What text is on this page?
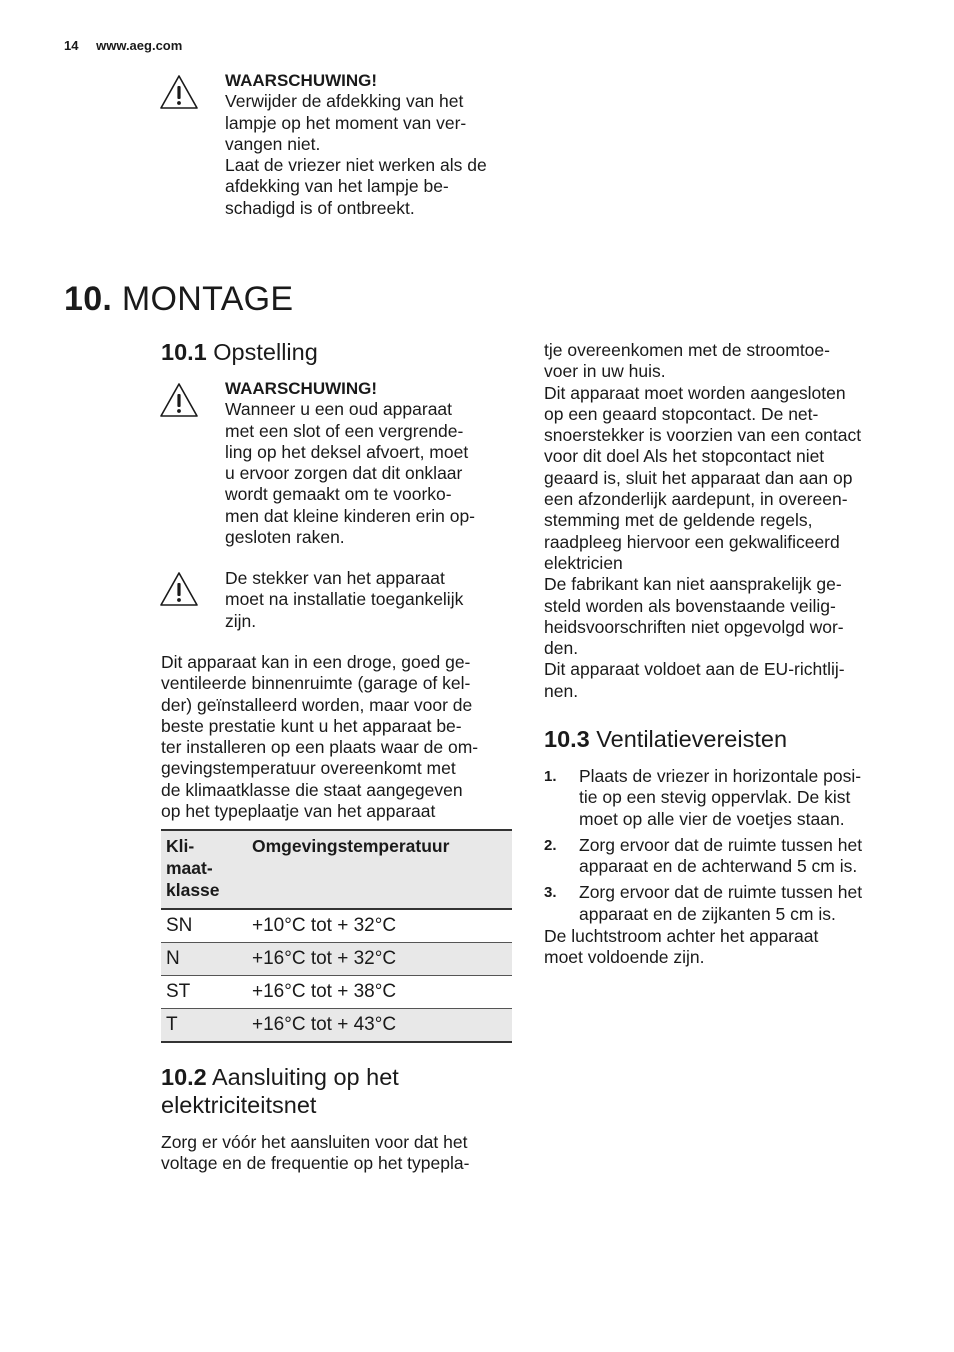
14 www.aeg.com
WAARSCHUWING!
Verwijder de afdekking van het
lampje op het moment van ver-
vangen niet.
Laat de vriezer niet werken als de
afdekking van het lampje be-
schadigd is of ontbreekt.
10. MONTAGE
10.1 Opstelling
WAARSCHUWING!
Wanneer u een oud apparaat
met een slot of een vergrende-
ling op het deksel afvoert, moet
u ervoor zorgen dat dit onklaar
wordt gemaakt om te voorko-
men dat kleine kinderen erin op-
gesloten raken.
De stekker van het apparaat
moet na installatie toegankelijk
zijn.
Dit apparaat kan in een droge, goed ge-
ventileerde binnenruimte (garage of kel-
der) geïnstalleerd worden, maar voor de
beste prestatie kunt u het apparaat be-
ter installeren op een plaats waar de om-
gevingstemperatuur overeenkomt met
de klimaatklasse die staat aangegeven
op het typeplaatje van het apparaat
Kli-
maat-
klasse	Omgevingstemperatuur
SN	+10°C tot + 32°C
N	+16°C tot + 32°C
ST	+16°C tot + 38°C
T	+16°C tot + 43°C
10.2 Aansluiting op het
elektriciteitsnet
Zorg er vóór het aansluiten voor dat het
voltage en de frequentie op het typepla-
tje overeenkomen met de stroomtoe-
voer in uw huis.
Dit apparaat moet worden aangesloten
op een geaard stopcontact. De net-
snoerstekker is voorzien van een contact
voor dit doel Als het stopcontact niet
geaard is, sluit het apparaat dan aan op
een afzonderlijk aardepunt, in overeen-
stemming met de geldende regels,
raadpleeg hiervoor een gekwalificeerd
elektricien
De fabrikant kan niet aansprakelijk ge-
steld worden als bovenstaande veilig-
heidsvoorschriften niet opgevolgd wor-
den.
Dit apparaat voldoet aan de EU-richtlij-
nen.
10.3 Ventilatievereisten
1. Plaats de vriezer in horizontale posi-
tie op een stevig oppervlak. De kist
moet op alle vier de voetjes staan.
2. Zorg ervoor dat de ruimte tussen het
apparaat en de achterwand 5 cm is.
3. Zorg ervoor dat de ruimte tussen het
apparaat en de zijkanten 5 cm is.
De luchtstroom achter het apparaat
moet voldoende zijn.
